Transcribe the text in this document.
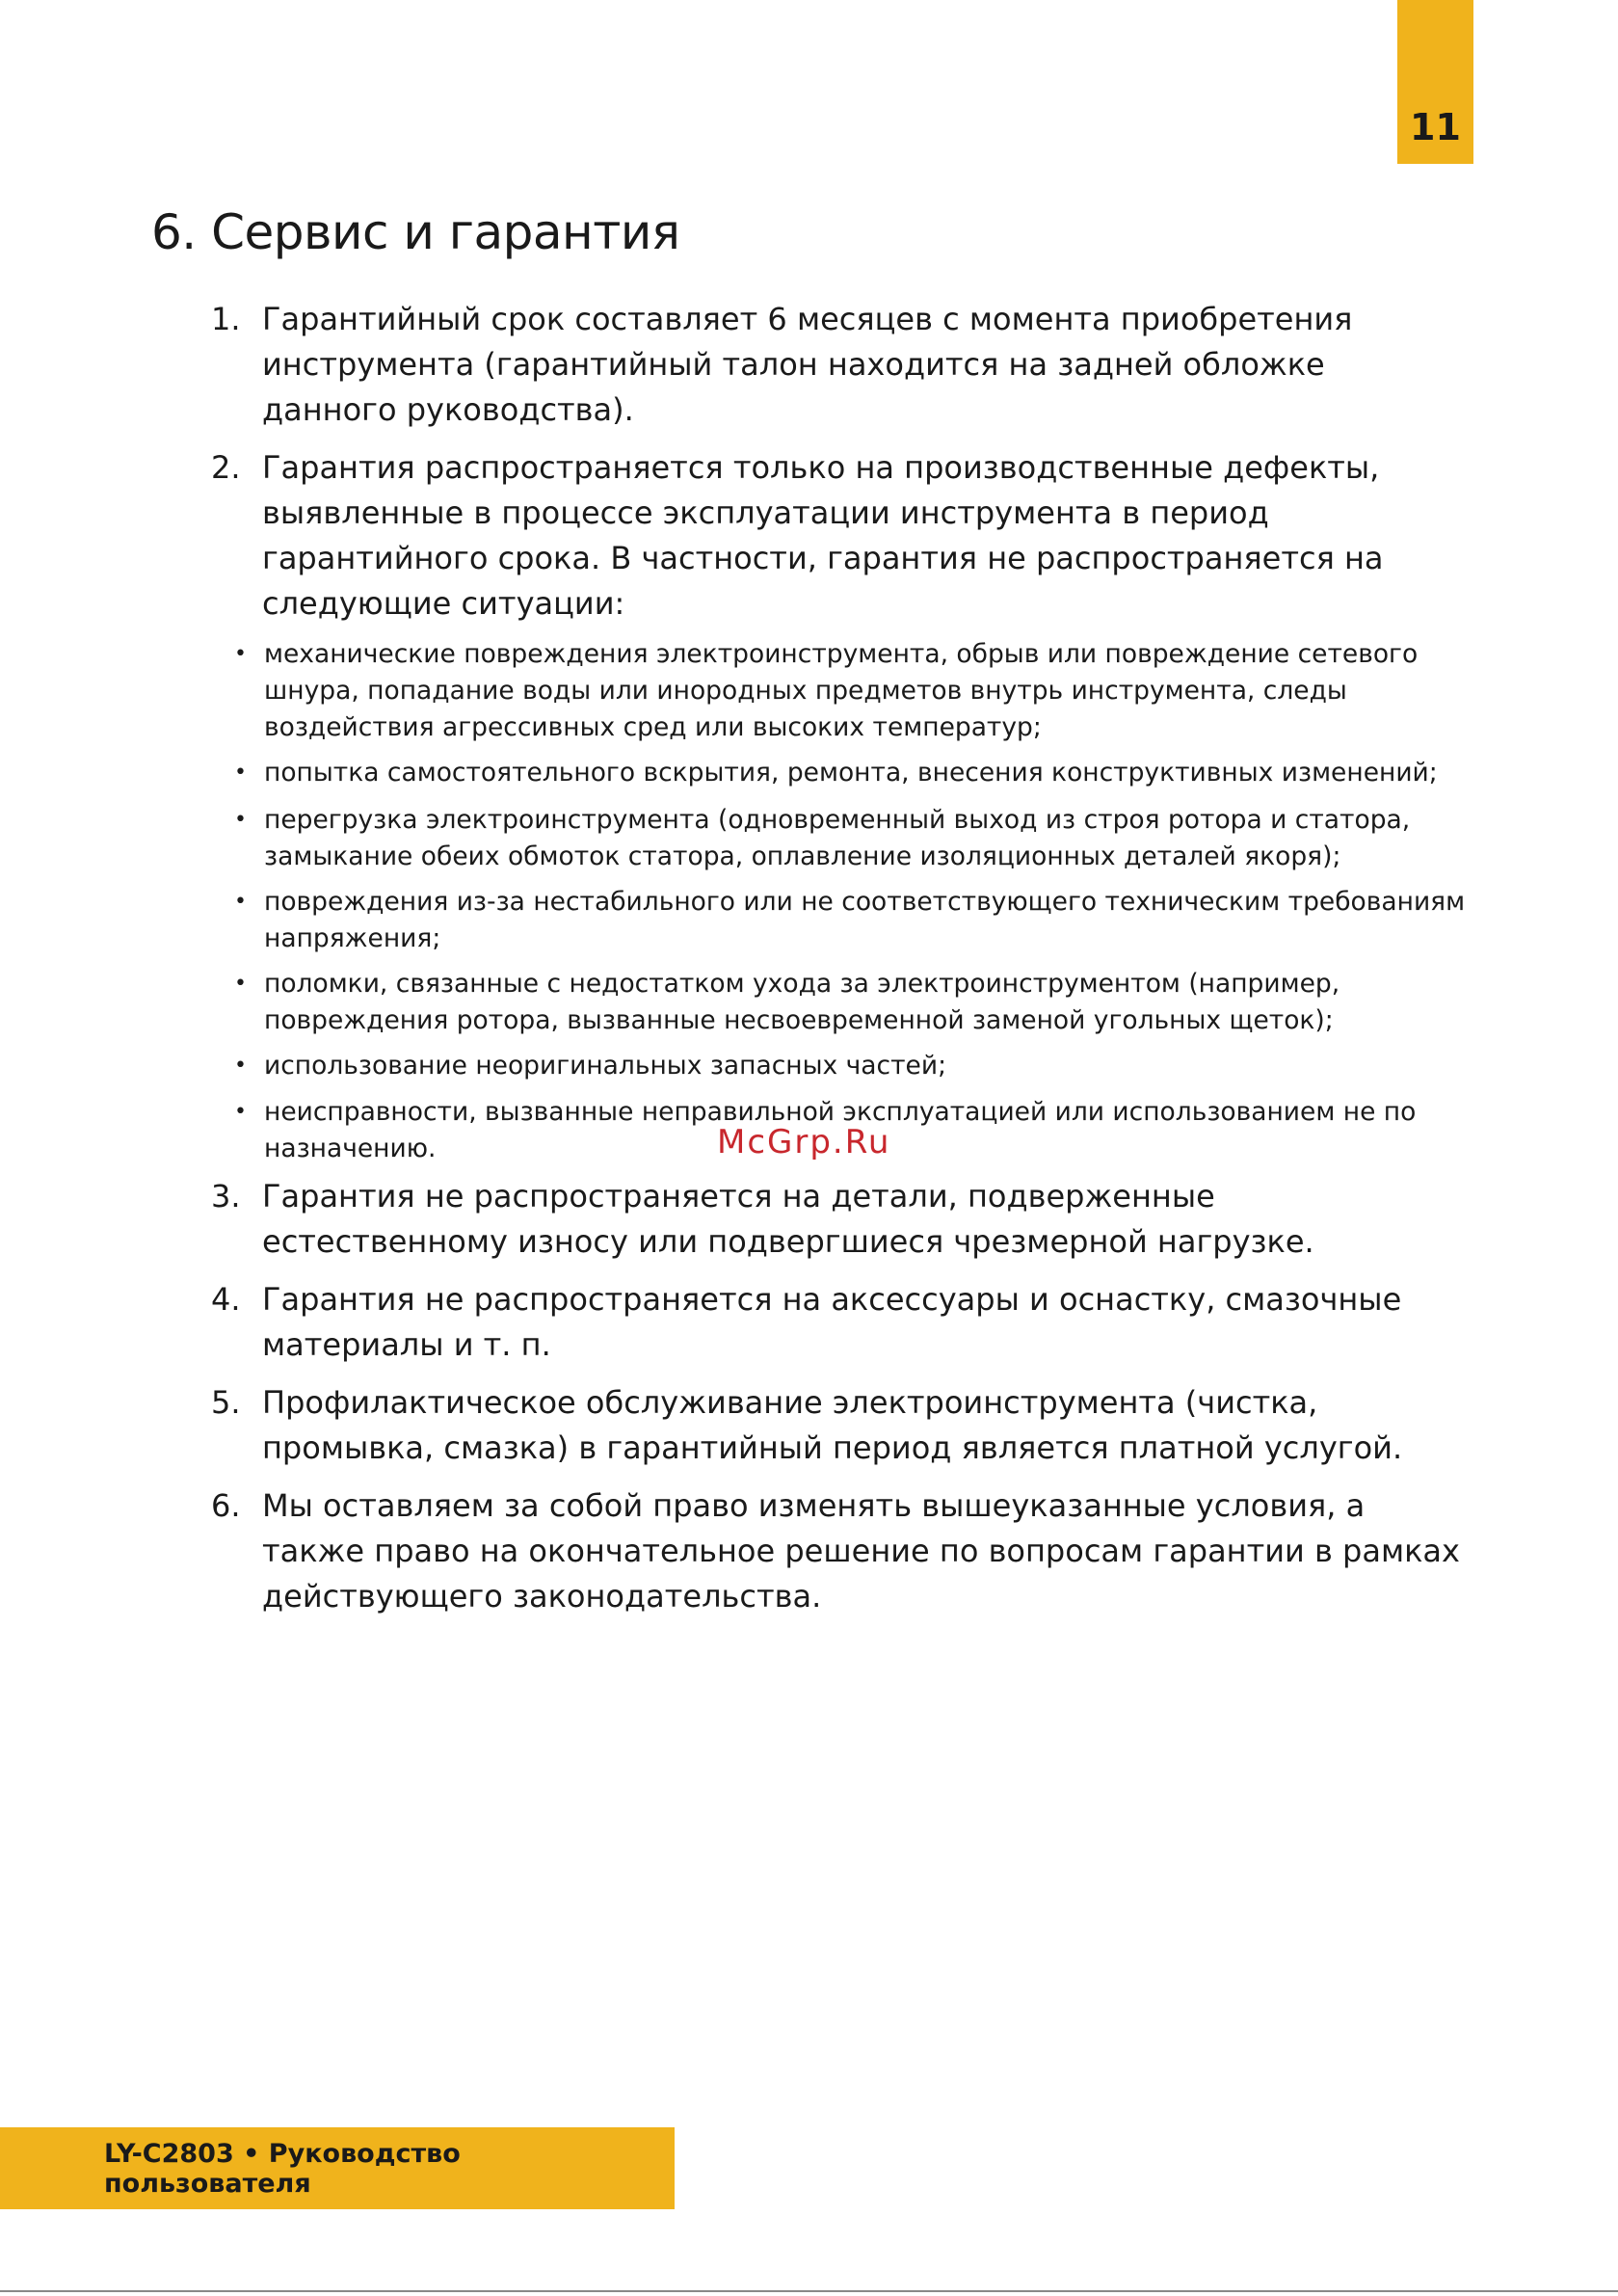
11
6. Сервис и гарантия
1. Гарантийный срок составляет 6 месяцев с момента приобретения инструмента (гарантийный талон находится на задней обложке данного руководства).
2. Гарантия распространяется только на производственные дефекты, выявленные в процессе эксплуатации инструмента в период гарантийного срока. В частности, гарантия не распространяется на следующие ситуации:
• механические повреждения электроинструмента, обрыв или повреждение сетевого шнура, попадание воды или инородных предметов внутрь инструмента, следы воздействия агрессивных сред или высоких температур;
• попытка самостоятельного вскрытия, ремонта, внесения конструктивных изменений;
• перегрузка электроинструмента (одновременный выход из строя ротора и статора, замыкание обеих обмоток статора, оплавление изоляционных деталей якоря);
• повреждения из-за нестабильного или не соответствующего техническим требованиям напряжения;
• поломки, связанные с недостатком ухода за электроинструментом (например, повреждения ротора, вызванные несвоевременной заменой угольных щеток);
• использование неоригинальных запасных частей;
• неисправности, вызванные неправильной эксплуатацией или использованием не по назначению.	McGrp.Ru

3. Гарантия не распространяется на детали, подверженные естественному износу или подвергшиеся чрезмерной нагрузке.
4. Гарантия не распространяется на аксессуары и оснастку, смазочные материалы и т. п.
5. Профилактическое обслуживание электроинструмента (чистка, промывка, смазка) в гарантийный период является платной услугой.
6. Мы оставляем за собой право изменять вышеуказанные условия, а также право на окончательное решение по вопросам гарантии в рамках действующего законодательства.
LY-C2803 • Руководство пользователя
